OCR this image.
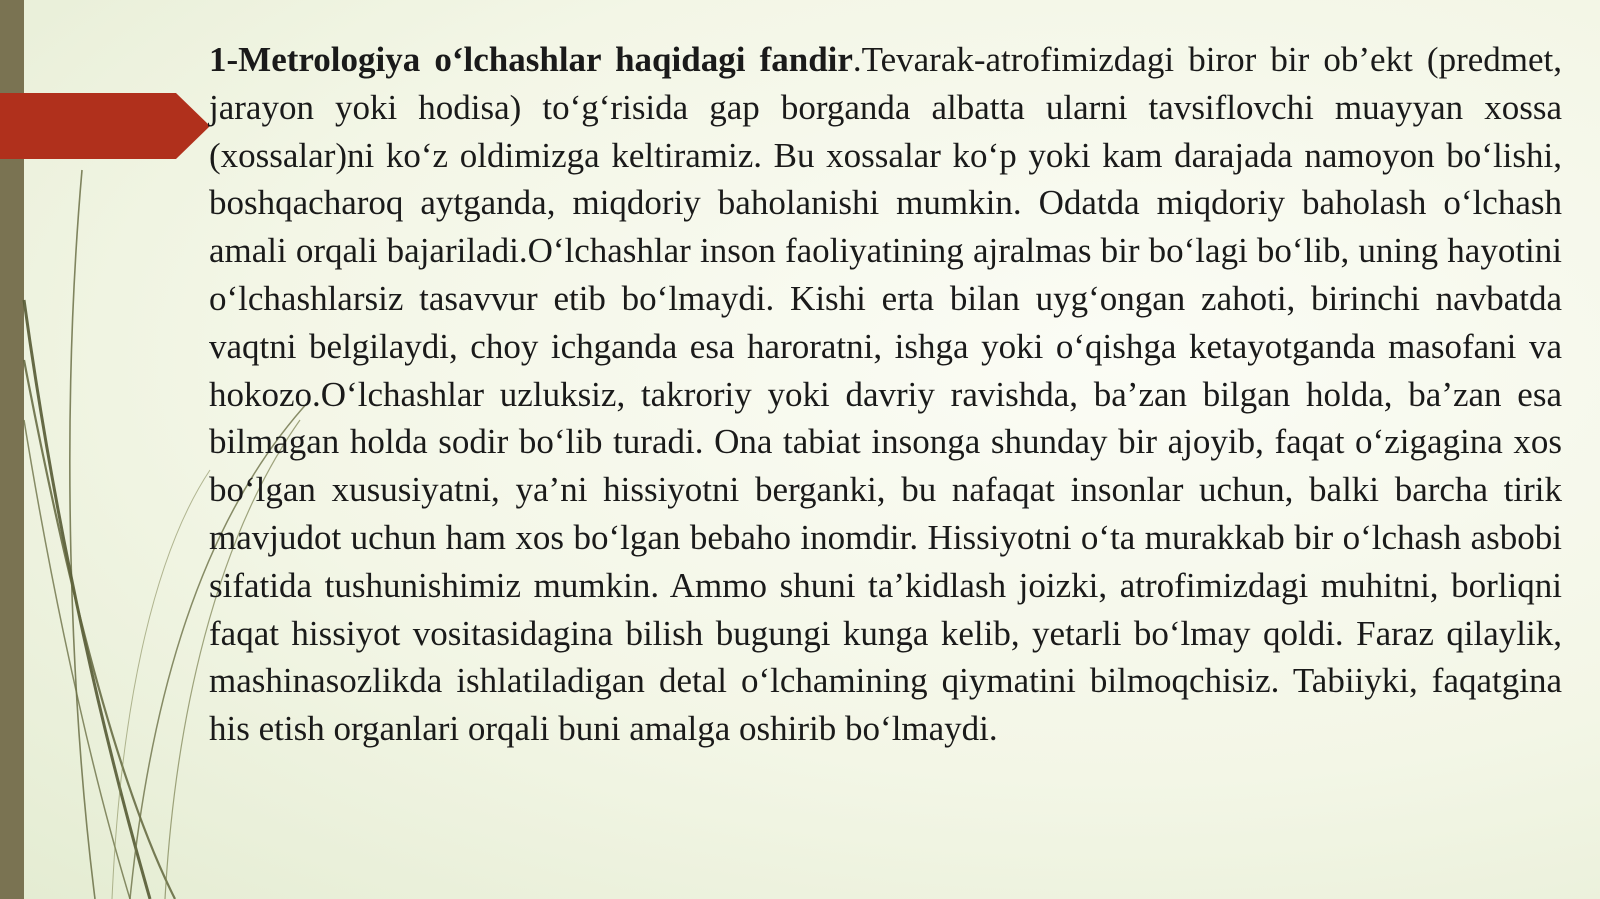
1-Metrologiya o‘lchashlar haqidagi fandir.Tevarak-atrofimizdagi biror bir ob’ekt (predmet, jarayon yoki hodisa) to‘g‘risida gap borganda albatta ularni tavsiflovchi muayyan xossa (xossalar)ni ko‘z oldimizga keltiramiz. Bu xossalar ko‘p yoki kam darajada namoyon bo‘lishi, boshqacharoq aytganda, miqdoriy baholanishi mumkin. Odatda miqdoriy baholash o‘lchash amali orqali bajariladi.O‘lchashlar inson faoliyatining ajralmas bir bo‘lagi bo‘lib, uning hayotini o‘lchashlarsiz tasavvur etib bo‘lmaydi. Kishi erta bilan uyg‘ongan zahoti, birinchi navbatda vaqtni belgilaydi, choy ichganda esa haroratni, ishga yoki o‘qishga ketayotganda masofani va hokozo.O‘lchashlar uzluksiz, takroriy yoki davriy ravishda, ba’zan bilgan holda, ba’zan esa bilmagan holda sodir bo‘lib turadi. Ona tabiat insonga shunday bir ajoyib, faqat o‘zigagina xos bo‘lgan xususiyatni, ya’ni hissiyotni berganki, bu nafaqat insonlar uchun, balki barcha tirik mavjudot uchun ham xos bo‘lgan bebaho inomdir. Hissiyotni o‘ta murakkab bir o‘lchash asbobi sifatida tushunishimiz mumkin. Ammo shuni ta’kidlash joizki, atrofimizdagi muhitni, borliqni faqat hissiyot vositasidagina bilish bugungi kunga kelib, yetarli bo‘lmay qoldi. Faraz qilaylik, mashinasozlikda ishlatiladigan detal o‘lchamining qiymatini bilmoqchisiz. Tabiiyki, faqatgina his etish organlari orqali buni amalga oshirib bo‘lmaydi.
